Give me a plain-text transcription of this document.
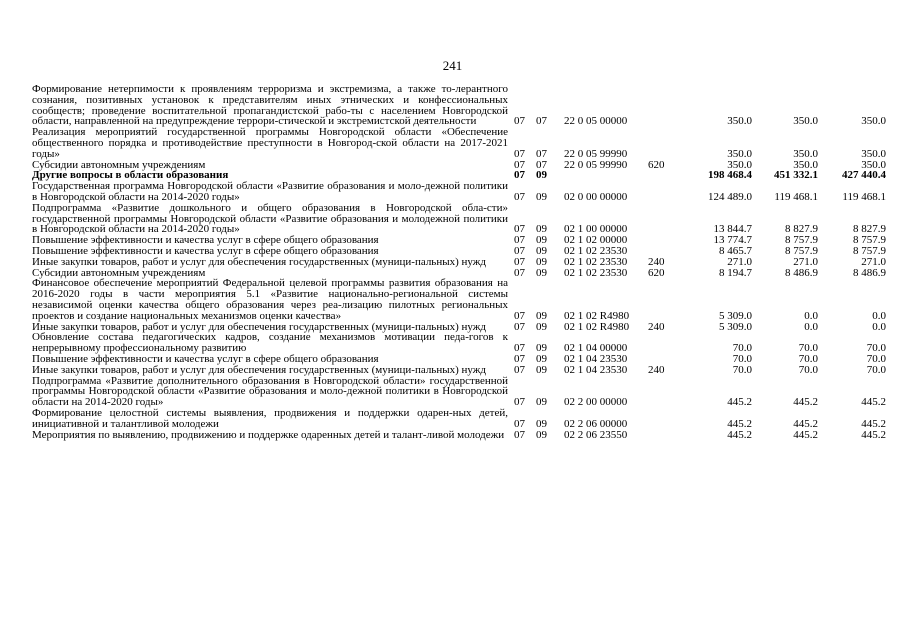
241
Формирование нетерпимости к проявлениям терроризма и экстремизма, а также то-лерантного сознания, позитивных установок к представителям иных этнических и конфессиональных сообществ; проведение воспитательной пропагандистской рабо-ты с населением Новгородской области, направленной на предупреждение террори-стической и экстремистской деятельности	07	07	22 0 05 00000		350.0	350.0	350.0
Реализация мероприятий государственной программы Новгородской области «Обеспечение общественного порядка и противодействие преступности в Новгород-ской области на 2017-2021 годы»	07	07	22 0 05 99990		350.0	350.0	350.0
Субсидии автономным учреждениям	07	07	22 0 05 99990	620	350.0	350.0	350.0
Другие вопросы в области образования	07	09			198 468.4	451 332.1	427 440.4
Государственная программа Новгородской области «Развитие образования и моло-дежной политики в Новгородской области на 2014-2020 годы»	07	09	02 0 00 00000		124 489.0	119 468.1	119 468.1
Подпрограмма «Развитие дошкольного и общего образования в Новгородской обла-сти» государственной программы Новгородской области «Развитие образования и молодежной политики в Новгородской области на 2014-2020 годы»	07	09	02 1 00 00000		13 844.7	8 827.9	8 827.9
Повышение эффективности и качества услуг в сфере общего образования	07	09	02 1 02 00000		13 774.7	8 757.9	8 757.9
Повышение эффективности и качества услуг в сфере общего образования	07	09	02 1 02 23530		8 465.7	8 757.9	8 757.9
Иные закупки товаров, работ и услуг для обеспечения государственных (муници-пальных) нужд	07	09	02 1 02 23530	240	271.0	271.0	271.0
Субсидии автономным учреждениям	07	09	02 1 02 23530	620	8 194.7	8 486.9	8 486.9
Финансовое обеспечение мероприятий Федеральной целевой программы развития образования на 2016-2020 годы в части мероприятия 5.1 «Развитие национально-региональной системы независимой оценки качества общего образования через реа-лизацию пилотных региональных проектов и создание национальных механизмов оценки качества»	07	09	02 1 02 R4980		5 309.0	0.0	0.0
Иные закупки товаров, работ и услуг для обеспечения государственных (муници-пальных) нужд	07	09	02 1 02 R4980	240	5 309.0	0.0	0.0
Обновление состава педагогических кадров, создание механизмов мотивации педа-гогов к непрерывному профессиональному развитию	07	09	02 1 04 00000		70.0	70.0	70.0
Повышение эффективности и качества услуг в сфере общего образования	07	09	02 1 04 23530		70.0	70.0	70.0
Иные закупки товаров, работ и услуг для обеспечения государственных (муници-пальных) нужд	07	09	02 1 04 23530	240	70.0	70.0	70.0
Подпрограмма «Развитие дополнительного образования в Новгородской области» государственной программы Новгородской области «Развитие образования и моло-дежной политики в Новгородской области на 2014-2020 годы»	07	09	02 2 00 00000		445.2	445.2	445.2
Формирование целостной системы выявления, продвижения и поддержки одарен-ных детей, инициативной и талантливой молодежи	07	09	02 2 06 00000		445.2	445.2	445.2
Мероприятия по выявлению, продвижению и поддержке одаренных детей и талант-ливой молодежи	07	09	02 2 06 23550		445.2	445.2	445.2
